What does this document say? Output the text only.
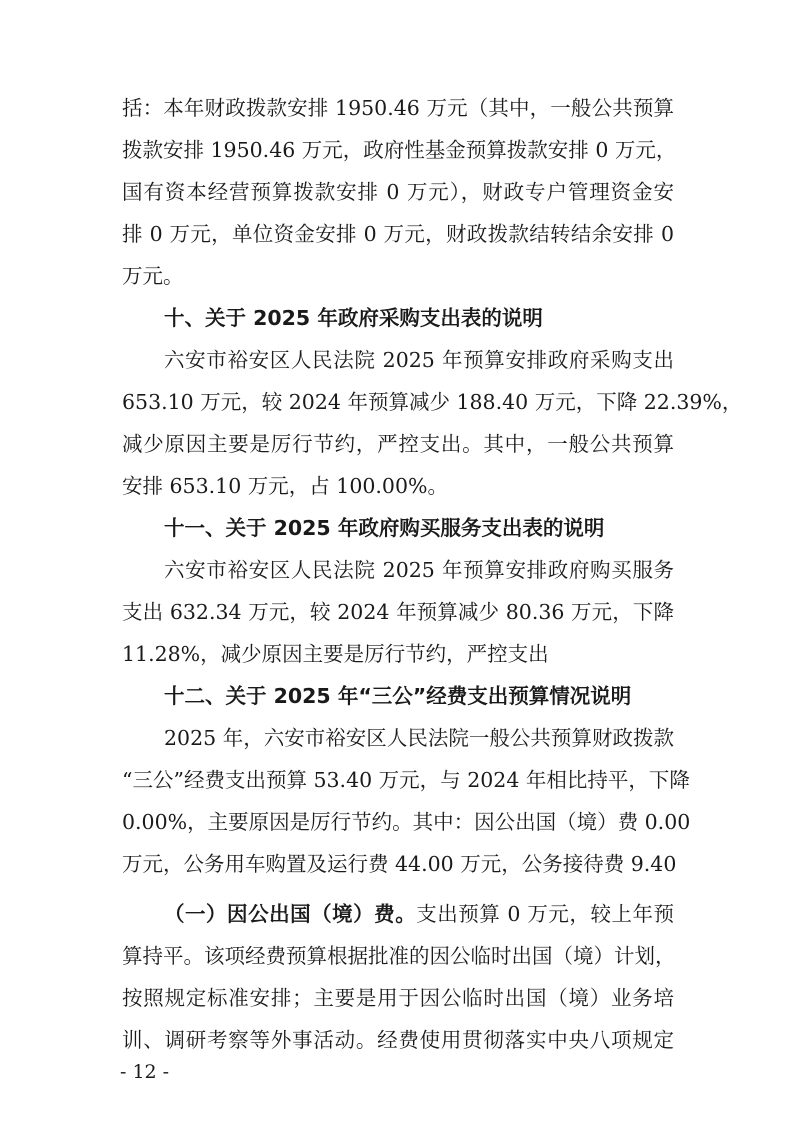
括：本年财政拨款安排 1950.46 万元（其中，一般公共预算
拨款安排 1950.46 万元，政府性基金预算拨款安排 0 万元，
国有资本经营预算拨款安排 0 万元），财政专户管理资金安
排 0 万元，单位资金安排 0 万元，财政拨款结转结余安排 0
万元。
十、关于 2025 年政府采购支出表的说明
六安市裕安区人民法院 2025 年预算安排政府采购支出
653.10 万元，较 2024 年预算减少 188.40 万元，下降 22.39%，
减少原因主要是厉行节约，严控支出。其中，一般公共预算
安排 653.10 万元，占 100.00%。
十一、关于 2025 年政府购买服务支出表的说明
六安市裕安区人民法院 2025 年预算安排政府购买服务
支出 632.34 万元，较 2024 年预算减少 80.36 万元，下降
11.28%，减少原因主要是厉行节约，严控支出
十二、关于 2025 年“三公”经费支出预算情况说明
2025 年，六安市裕安区人民法院一般公共预算财政拨款
“三公”经费支出预算 53.40 万元，与 2024 年相比持平，下降
0.00%，主要原因是厉行节约。其中：因公出国（境）费 0.00
万元，公务用车购置及运行费 44.00 万元，公务接待费 9.40
（一）因公出国（境）费。支出预算 0 万元，较上年预
算持平。该项经费预算根据批准的因公临时出国（境）计划，
按照规定标准安排；主要是用于因公临时出国（境）业务培
训、调研考察等外事活动。经费使用贯彻落实中央八项规定
- 12 -
